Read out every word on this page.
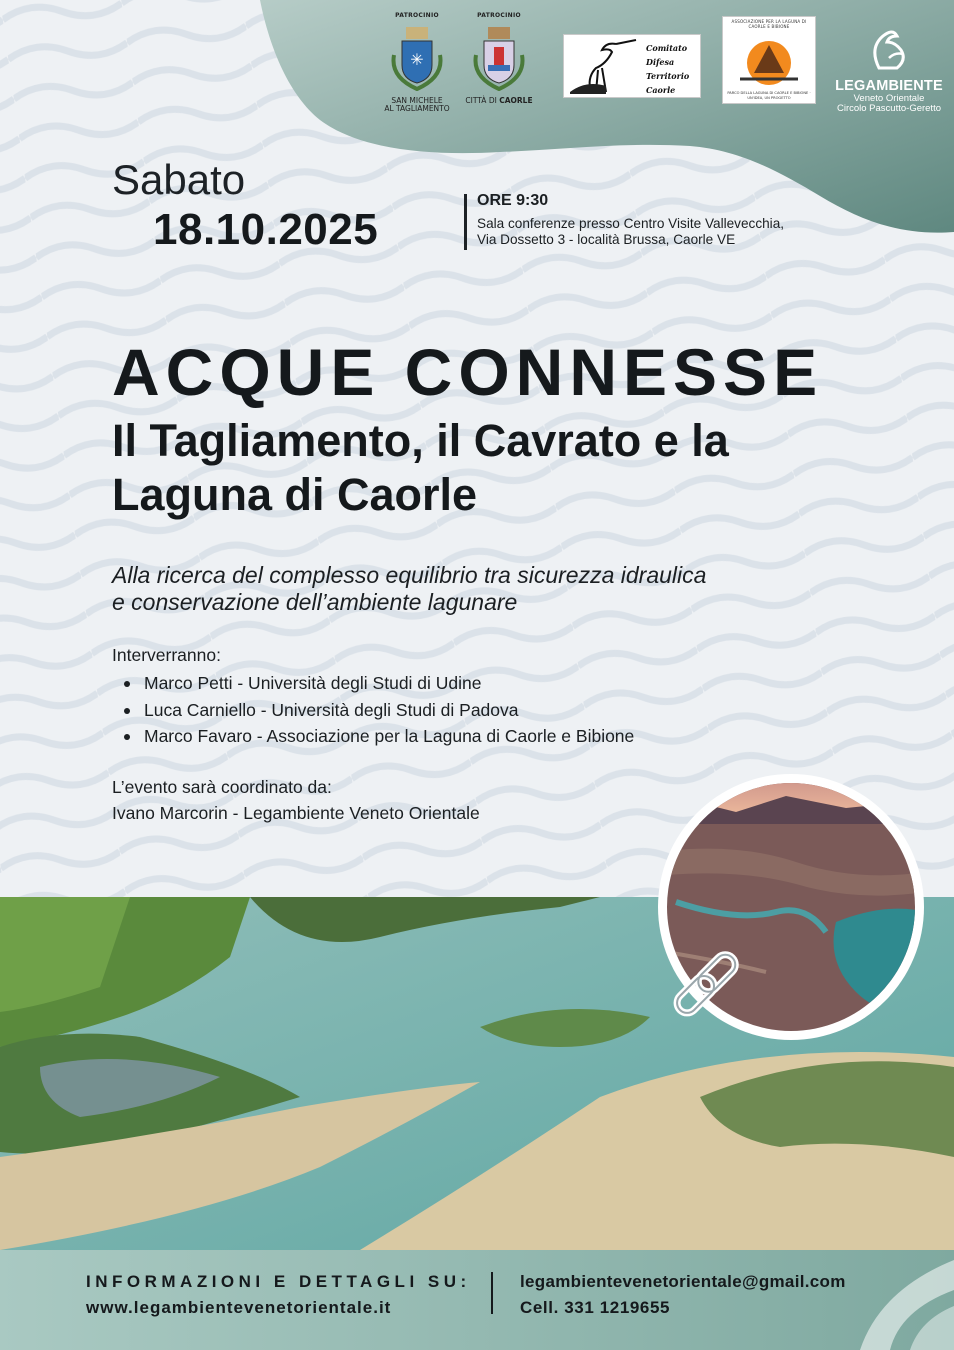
PATROCINIO
✳
SAN MICHELE
AL TAGLIAMENTO
PATROCINIO
CITTÀ DI CAORLE
Comitato
Difesa
Territorio
Caorle
ASSOCIAZIONE PER LA LAGUNA DI CAORLE E BIBIONE
PARCO DELLA LAGUNA DI CAORLE E BIBIONE · UN'IDEA, UN PROGETTO
LEGAMBIENTE
Veneto Orientale
Circolo Pascutto-Geretto
Sabato
18.10.2025
ORE 9:30
Sala conferenze presso Centro Visite Vallevecchia,
Via Dossetto 3 - località Brussa, Caorle VE
ACQUE CONNESSE
Il Tagliamento, il Cavrato e la
Laguna di Caorle
Alla ricerca del complesso equilibrio tra sicurezza idraulica
e conservazione dell’ambiente lagunare
Interverranno:
Marco Petti - Università degli Studi di Udine
Luca Carniello - Università degli Studi di Padova
Marco Favaro - Associazione per la Laguna di Caorle e Bibione
L’evento sarà coordinato da:
Ivano Marcorin - Legambiente Veneto Orientale
INFORMAZIONI E DETTAGLI SU:
www.legambientevenetorientale.it
legambientevenetorientale@gmail.com
Cell. 331 1219655
